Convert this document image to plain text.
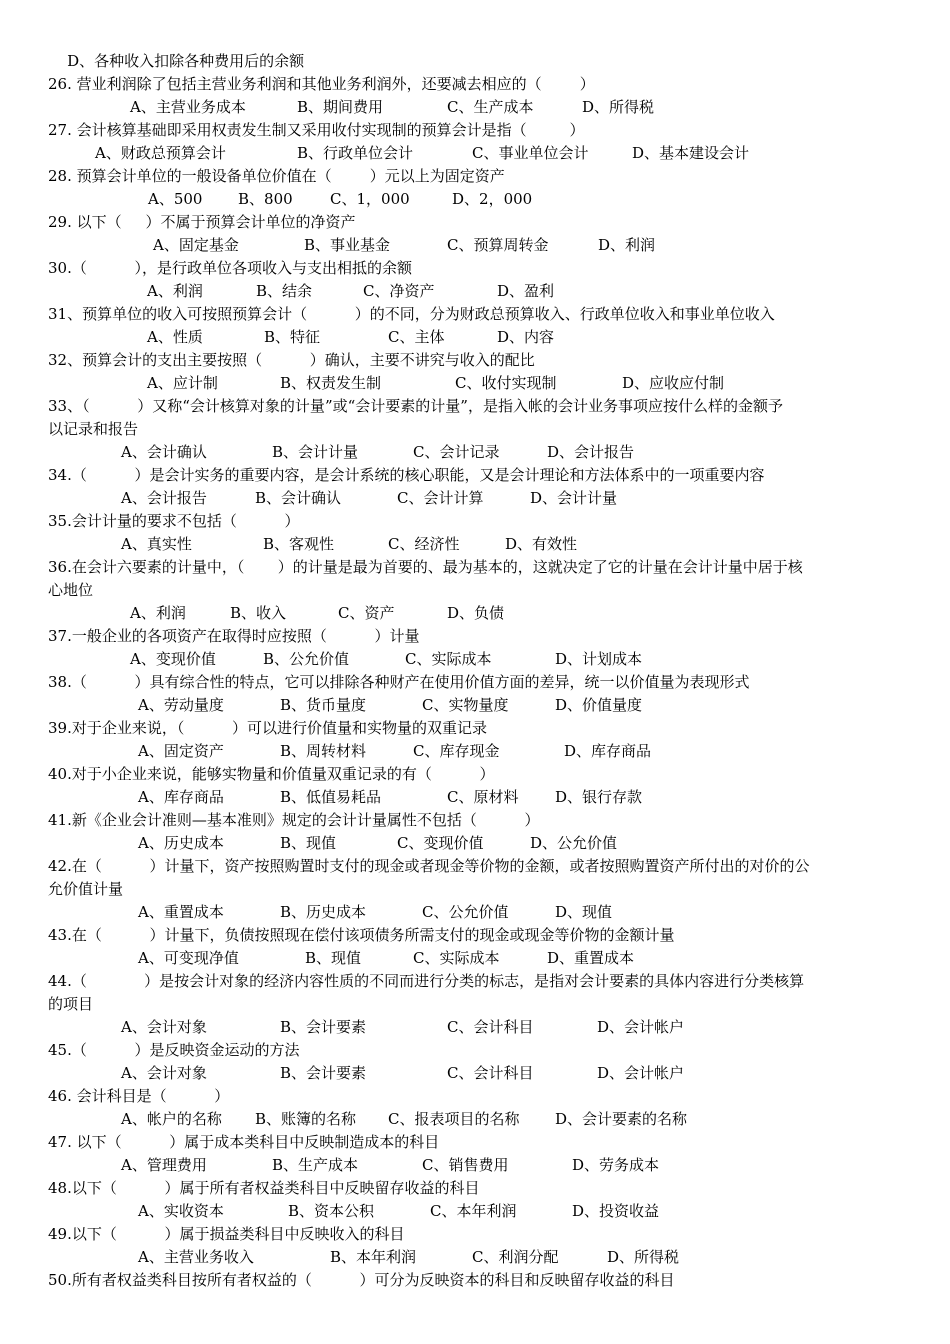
D、各种收入扣除各种费用后的余额
26. 营业利润除了包括主营业务利润和其他业务利润外，还要减去相应的（        ）
A、主营业务成本	B、期间费用	C、生产成本	D、所得税
27. 会计核算基础即采用权责发生制又采用收付实现制的预算会计是指（         ）
A、财政总预算会计	B、行政单位会计	C、事业单位会计	D、基本建设会计
28. 预算会计单位的一般设备单位价值在（        ）元以上为固定资产
A、500 B、800 C、1，000	D、2，000
29. 以下（     ）不属于预算会计单位的净资产
A、固定基金	B、事业基金	C、预算周转金	D、利润
30.（          ），是行政单位各项收入与支出相抵的余额
A、利润	B、结余	C、净资产	D、盈利
31、预算单位的收入可按照预算会计（          ）的不同，分为财政总预算收入、行政单位收入和事业单位收入
A、性质	B、特征	C、主体	D、内容
32、预算会计的支出主要按照（          ）确认，主要不讲究与收入的配比
A、应计制	B、权责发生制	C、收付实现制	D、应收应付制
33、（          ）又称“会计核算对象的计量”或“会计要素的计量”，是指入帐的会计业务事项应按什么样的金额予
以记录和报告
A、会计确认	B、会计计量	C、会计记录	D、会计报告
34.（          ）是会计实务的重要内容，是会计系统的核心职能，又是会计理论和方法体系中的一项重要内容
A、会计报告	B、会计确认	C、会计计算	D、会计计量
35.会计计量的要求不包括（          ）
A、真实性	B、客观性	C、经济性	D、有效性
36.在会计六要素的计量中，（       ）的计量是最为首要的、最为基本的，这就决定了它的计量在会计计量中居于核
心地位
A、利润	B、收入	C、资产	D、负债
37.一般企业的各项资产在取得时应按照（          ）计量
A、变现价值	B、公允价值	C、实际成本	D、计划成本
38.（          ）具有综合性的特点，它可以排除各种财产在使用价值方面的差异，统一以价值量为表现形式
A、劳动量度	B、货币量度	C、实物量度	D、价值量度
39.对于企业来说，（          ）可以进行价值量和实物量的双重记录
A、固定资产	B、周转材料	C、库存现金	D、库存商品
40.对于小企业来说，能够实物量和价值量双重记录的有（          ）
A、库存商品	B、低值易耗品	C、原材料 D、银行存款
41.新《企业会计准则—基本准则》规定的会计计量属性不包括（          ）
A、历史成本	B、现值	C、变现价值	D、公允价值
42.在（          ）计量下，资产按照购置时支付的现金或者现金等价物的金额，或者按照购置资产所付出的对价的公
允价值计量
A、重置成本	B、历史成本	C、公允价值	D、现值
43.在（          ）计量下，负债按照现在偿付该项债务所需支付的现金或现金等价物的金额计量
A、可变现净值	B、现值	C、实际成本	D、重置成本
44.（            ）是按会计对象的经济内容性质的不同而进行分类的标志，是指对会计要素的具体内容进行分类核算
的项目
A、会计对象	B、会计要素	C、会计科目	D、会计帐户
45.（          ）是反映资金运动的方法
A、会计对象	B、会计要素	C、会计科目	D、会计帐户
46. 会计科目是（          ）
A、帐户的名称 B、账簿的名称 C、报表项目的名称 D、会计要素的名称
47. 以下（          ）属于成本类科目中反映制造成本的科目
A、管理费用	B、生产成本	C、销售费用	D、劳务成本
48.以下（          ）属于所有者权益类科目中反映留存收益的科目
A、实收资本	B、资本公积	C、本年利润	D、投资收益
49.以下（          ）属于损益类科目中反映收入的科目
A、主营业务收入	B、本年利润	C、利润分配	D、所得税
50.所有者权益类科目按所有者权益的（          ）可分为反映资本的科目和反映留存收益的科目
